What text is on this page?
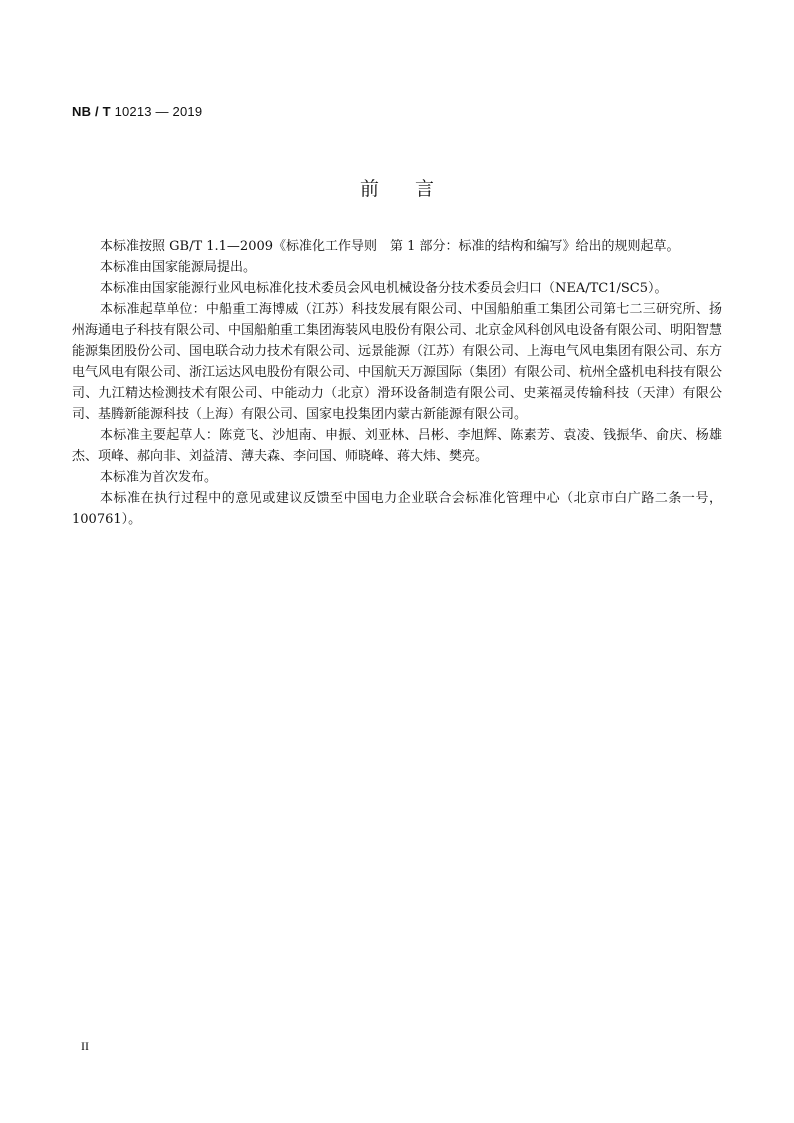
NB / T 10213 — 2019
前言

本标准按照 GB/T 1.1—2009《标准化工作导则　第 1 部分：标准的结构和编写》给出的规则起草。

本标准由国家能源局提出。

本标准由国家能源行业风电标准化技术委员会风电机械设备分技术委员会归口（NEA/TC1/SC5）。

本标准起草单位：中船重工海博威（江苏）科技发展有限公司、中国船舶重工集团公司第七二三研究所、扬州海通电子科技有限公司、中国船舶重工集团海装风电股份有限公司、北京金风科创风电设备有限公司、明阳智慧能源集团股份公司、国电联合动力技术有限公司、远景能源（江苏）有限公司、上海电气风电集团有限公司、东方电气风电有限公司、浙江运达风电股份有限公司、中国航天万源国际（集团）有限公司、杭州全盛机电科技有限公司、九江精达检测技术有限公司、中能动力（北京）滑环设备制造有限公司、史莱福灵传输科技（天津）有限公司、基腾新能源科技（上海）有限公司、国家电投集团内蒙古新能源有限公司。

本标准主要起草人：陈竟飞、沙旭南、申振、刘亚林、吕彬、李旭辉、陈素芳、袁凌、钱振华、俞庆、杨雄杰、项峰、郝向非、刘益清、薄夫森、李问国、师晓峰、蒋大炜、樊亮。

本标准为首次发布。

本标准在执行过程中的意见或建议反馈至中国电力企业联合会标准化管理中心（北京市白广路二条一号，100761）。

II
